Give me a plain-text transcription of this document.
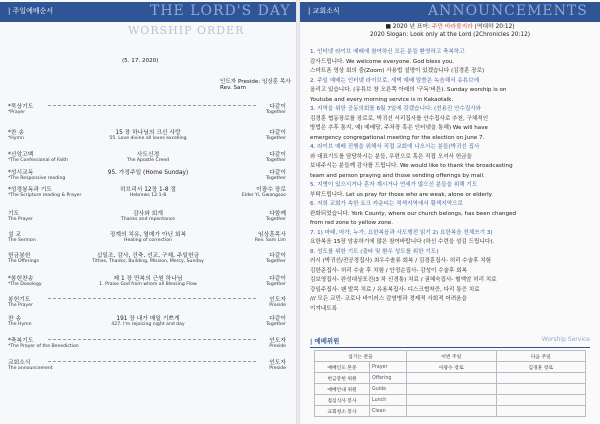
| 주일예배순서	THE LORD'S DAY
WORSHIP ORDER
(5. 17. 2020)
인도자 Preside: 임상훈 목사 Rev. Sam
*묵상기도	다같이
*Prayer	Together
*찬 송	15 장 하나님의 크신 사랑	다같이
*Hymn	55. Love divine all loves excelling	Together
*신앙고백	사도신경	다같이
*The Confessional of Faith	The Apostle Creed	Together
*성시교독	95. 가정주일 (Home Sunday)	다같이
*The Responsive reading	Together
*성경봉독과 기도	히브리서 12장 1-8 절	이광수 장로
*The Scripture reading & Prayer	Hebrews 12:1-8	Elder Yi, Gwangsoo
기도	감사와 회개	다함께
The Prayer	Thanks and repentance	Together
설 교	징계의 치유, 열매가 아닌 회복	임상훈목사
The Sermon	Healing of correction	Rev. Sam Lim
헌금봉헌	십일조, 감사, 건축, 선교, 구제, 주일헌금	다같이
The Offerings	Tithes, Thanks, Building, Mission, Mercy, Sunday	Together
*봉헌찬송	제 1 장 만복의 근원 하나님	다같이
*The Doxology	1. Praise God from whom all Blessing Flow	Together
봉헌기도	인도자
The Prayer	Preside
찬 송	191 장 내가 매일 기쁘게	다같이
The Hymn	427. I'm rejoicing night and day	Together
*축복기도	인도자
*The Prayer of the Benediction	Preside
교회소식	인도자
The announcement	Preside
| 교회소식	ANNOUNCEMENTS
■ 2020 년 표어: 주만 바라볼지라 (역대하 20:12)
2020 Slogan: Look only at the Lord (2Chronicles 20:12)

1. 인터넷 라이브 예배에 참여하신 모든 분들 환영하고 축복하고

감사드립니다. We welcome everyone. God bless you.

스마트폰 영상 회의 줌(Zoom) 사용법 설명이 있겠습니다 (김경훈 장로)

2. 주일 예배는 인터넷 라이브로, 새벽 예배 말씀은 녹음해서 유튜브에

올리고 있습니다. (유튜브 창 오른쪽 아래의 '구독'버튼). Sunday worship is on

Youtube and every morning service is in Kakaotalk.

3. 지역을 위한 공동의회를 6월 7일에 갖겠습니다. (전용진 안수집사와

김경훈 협동장로를 장로로, 박귀선 서리집사를 안수집사로 추천, 구체적인

방법은 추후 통지, 예) 예배당, 주차장 혹은 인터넷을 통해) We will have

emergency congregational meeting for the election on June 7.

4. 라이브 예배 진행을 위해서 직접 교회에 나오시는 분들(박귀선 집사

와 대표기도를 담당하시는 분들, 우편으로 혹은 직접 오셔서 헌금을

보내주시는 분들께 감사를 드립니다. We would like to thank the broadcasting

team and person praying and those sending offerings by mail.

5. 지병이 있으시거나 혼자 계시거나 연세가 많으신 분들을 위해 기도

부탁드립니다. Let us pray for those who are weak, alone or elderly.

6. 저희 교회가 속한 요크 카운티는 적색지역에서 황색지역으로

완화되었습니다. York County, where our church belongs, has been changed

from red zone to yellow zone.

7. 1) 마태, 마가, 누가, 요한복음과 사도행전 읽기 2) 요한복음 전체쓰기 3)

요한복음 15장 암송하기에 많은 참여바랍니다 (하신 수련을 섬김 드립니다).

8. 성도를 위한 기도 (출타 및 환우 성도를 위한 기도)

러시 (박귀선/전공경집사) 최우수솔류 회복 / 김경훈집사- 허리 수술후 치험

김한준집사- 허리 수술 후 치험 / 안정순집사- 감성이 수술후 회복

김보영집사- 완성대상포진(3 차 신경통) 치료 / 권혜숙집사- 혈액암 허리 치료

강일주집사- 팬 발목 치료 / 유용복집사- 디스크협착증, 다리 통증 치료

/// 모든 교민- 코로나 바이러스 감염병과 경제적 사회적 어려움을

이겨내도록

| 예배위원	Worship Service
섬기는 분들		이번 주일	다음 주일
예배인도 본문	Prayer	이광수 장로	김경훈 장로
헌금봉헌 위원	Offering		
예배안내 위원	Guide		
점심식사 봉사	Lunch		
교회청소 봉사	Clean		
